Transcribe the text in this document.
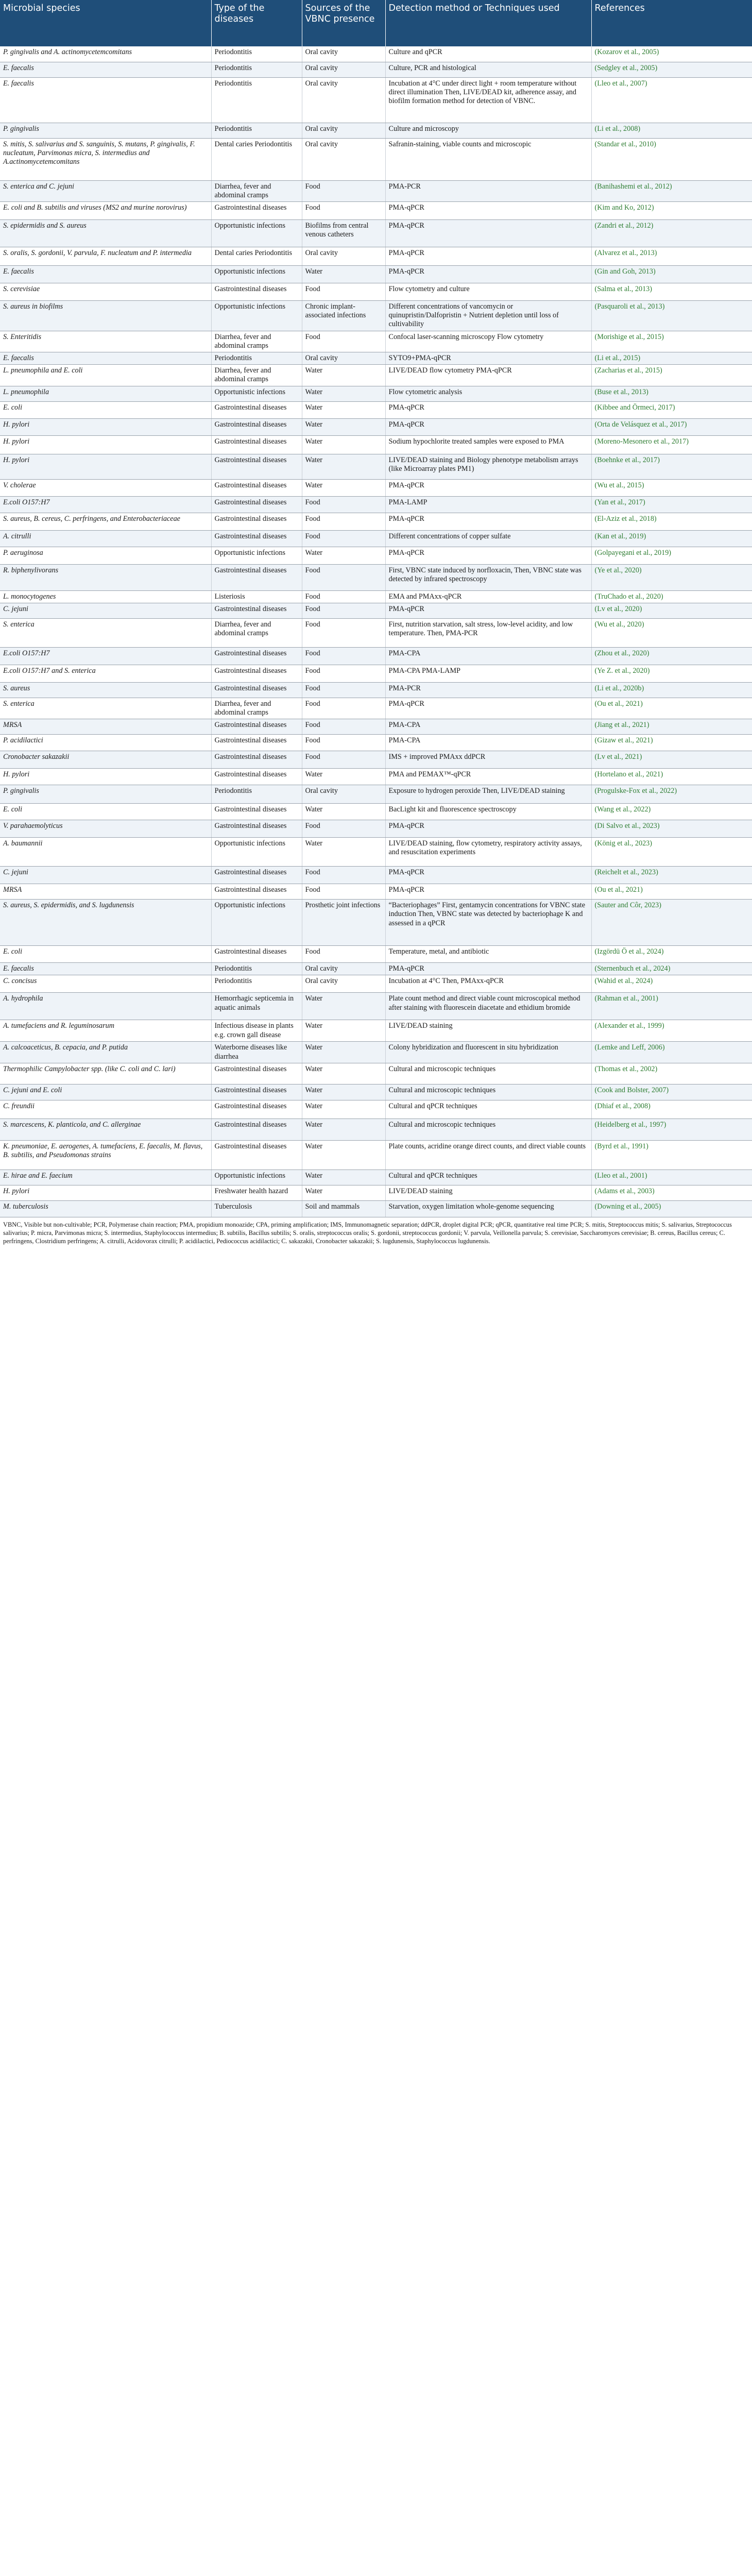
Microbial species	Type of the diseases	Sources of the VBNC presence	Detection method or Techniques used	References
P. gingivalis and A. actinomycetemcomitans	Periodontitis	Oral cavity	Culture and qPCR	(Kozarov et al., 2005)
E. faecalis	Periodontitis	Oral cavity	Culture, PCR and histological	(Sedgley et al., 2005)
E. faecalis	Periodontitis	Oral cavity	Incubation at 4°C under direct light + room temperature without direct illumination Then, LIVE/DEAD kit, adherence assay, and biofilm formation method for detection of VBNC.	(Lleo et al., 2007)
P. gingivalis	Periodontitis	Oral cavity	Culture and microscopy	(Li et al., 2008)
S. mitis, S. salivarius and S. sanguinis, S. mutans, P. gingivalis, F. nucleatum, Parvimonas micra, S. intermedius and A.actinomycetemcomitans	Dental caries Periodontitis	Oral cavity	Safranin-staining, viable counts and microscopic	(Standar et al., 2010)
S. enterica and C. jejuni	Diarrhea, fever and abdominal cramps	Food	PMA-PCR	(Banihashemi et al., 2012)
E. coli and B. subtilis and viruses (MS2 and murine norovirus)	Gastrointestinal diseases	Food	PMA-qPCR	(Kim and Ko, 2012)
S. epidermidis and S. aureus	Opportunistic infections	Biofilms from central venous catheters	PMA-qPCR	(Zandri et al., 2012)
S. oralis, S. gordonii, V. parvula, F. nucleatum and P. intermedia	Dental caries Periodontitis	Oral cavity	PMA-qPCR	(Alvarez et al., 2013)
E. faecalis	Opportunistic infections	Water	PMA-qPCR	(Gin and Goh, 2013)
S. cerevisiae	Gastrointestinal diseases	Food	Flow cytometry and culture	(Salma et al., 2013)
S. aureus in biofilms	Opportunistic infections	Chronic implant-associated infections	Different concentrations of vancomycin or quinupristin/Dalfopristin + Nutrient depletion until loss of cultivability	(Pasquaroli et al., 2013)
S. Enteritidis	Diarrhea, fever and abdominal cramps	Food	Confocal laser-scanning microscopy Flow cytometry	(Morishige et al., 2015)
E. faecalis	Periodontitis	Oral cavity	SYTO9+PMA-qPCR	(Li et al., 2015)
L. pneumophila and E. coli	Diarrhea, fever and abdominal cramps	Water	LIVE/DEAD flow cytometry PMA-qPCR	(Zacharias et al., 2015)
L. pneumophila	Opportunistic infections	Water	Flow cytometric analysis	(Buse et al., 2013)
E. coli	Gastrointestinal diseases	Water	PMA-qPCR	(Kibbee and Örmeci, 2017)
H. pylori	Gastrointestinal diseases	Water	PMA-qPCR	(Orta de Velásquez et al., 2017)
H. pylori	Gastrointestinal diseases	Water	Sodium hypochlorite treated samples were exposed to PMA	(Moreno-Mesonero et al., 2017)
H. pylori	Gastrointestinal diseases	Water	LIVE/DEAD staining and Biology phenotype metabolism arrays (like Microarray plates PM1)	(Boehnke et al., 2017)
V. cholerae	Gastrointestinal diseases	Water	PMA-qPCR	(Wu et al., 2015)
E.coli O157:H7	Gastrointestinal diseases	Food	PMA-LAMP	(Yan et al., 2017)
S. aureus, B. cereus, C. perfringens, and Enterobacteriaceae	Gastrointestinal diseases	Food	PMA-qPCR	(El-Aziz et al., 2018)
A. citrulli	Gastrointestinal diseases	Food	Different concentrations of copper sulfate	(Kan et al., 2019)
P. aeruginosa	Opportunistic infections	Water	PMA-qPCR	(Golpayegani et al., 2019)
R. biphenylivorans	Gastrointestinal diseases	Food	First, VBNC state induced by norfloxacin, Then, VBNC state was detected by infrared spectroscopy	(Ye et al., 2020)
L. monocytogenes	Listeriosis	Food	EMA and PMAxx-qPCR	(TruChado et al., 2020)
C. jejuni	Gastrointestinal diseases	Food	PMA-qPCR	(Lv et al., 2020)
S. enterica	Diarrhea, fever and abdominal cramps	Food	First, nutrition starvation, salt stress, low-level acidity, and low temperature. Then, PMA-PCR	(Wu et al., 2020)
E.coli O157:H7	Gastrointestinal diseases	Food	PMA-CPA	(Zhou et al., 2020)
E.coli O157:H7 and S. enterica	Gastrointestinal diseases	Food	PMA-CPA PMA-LAMP	(Ye Z. et al., 2020)
S. aureus	Gastrointestinal diseases	Food	PMA-PCR	(Li et al., 2020b)
S. enterica	Diarrhea, fever and abdominal cramps	Food	PMA-qPCR	(Ou et al., 2021)
MRSA	Gastrointestinal diseases	Food	PMA-CPA	(Jiang et al., 2021)
P. acidilactici	Gastrointestinal diseases	Food	PMA-CPA	(Gizaw et al., 2021)
Cronobacter sakazakii	Gastrointestinal diseases	Food	IMS + improved PMAxx ddPCR	(Lv et al., 2021)
H. pylori	Gastrointestinal diseases	Water	PMA and PEMAX™-qPCR	(Hortelano et al., 2021)
P. gingivalis	Periodontitis	Oral cavity	Exposure to hydrogen peroxide Then, LIVE/DEAD staining	(Progulske-Fox et al., 2022)
E. coli	Gastrointestinal diseases	Water	BacLight kit and fluorescence spectroscopy	(Wang et al., 2022)
V. parahaemolyticus	Gastrointestinal diseases	Food	PMA-qPCR	(Di Salvo et al., 2023)
A. baumannii	Opportunistic infections	Water	LIVE/DEAD staining, flow cytometry, respiratory activity assays, and resuscitation experiments	(König et al., 2023)
C. jejuni	Gastrointestinal diseases	Food	PMA-qPCR	(Reichelt et al., 2023)
MRSA	Gastrointestinal diseases	Food	PMA-qPCR	(Ou et al., 2021)
S. aureus, S. epidermidis, and S. lugdunensis	Opportunistic infections	Prosthetic joint infections	“Bacteriophages” First, gentamycin concentrations for VBNC state induction Then, VBNC state was detected by bacteriophage K and assessed in a qPCR	(Sauter and Côr, 2023)
E. coli	Gastrointestinal diseases	Food	Temperature, metal, and antibiotic	(Izgördü Ö et al., 2024)
E. faecalis	Periodontitis	Oral cavity	PMA-qPCR	(Sternenbuch et al., 2024)
C. concisus	Periodontitis	Oral cavity	Incubation at 4°C Then, PMAxx-qPCR	(Wahid et al., 2024)
A. hydrophila	Hemorrhagic septicemia in aquatic animals	Water	Plate count method and direct viable count microscopical method after staining with fluorescein diacetate and ethidium bromide	(Rahman et al., 2001)
A. tumefaciens and R. leguminosarum	Infectious disease in plants e.g. crown gall disease	Water	LIVE/DEAD staining	(Alexander et al., 1999)
A. calcoaceticus, B. cepacia, and P. putida	Waterborne diseases like diarrhea	Water	Colony hybridization and fluorescent in situ hybridization	(Lemke and Leff, 2006)
Thermophilic Campylobacter spp. (like C. coli and C. lari)	Gastrointestinal diseases	Water	Cultural and microscopic techniques	(Thomas et al., 2002)
C. jejuni and E. coli	Gastrointestinal diseases	Water	Cultural and microscopic techniques	(Cook and Bolster, 2007)
C. freundii	Gastrointestinal diseases	Water	Cultural and qPCR techniques	(Dhiaf et al., 2008)
S. marcescens, K. planticola, and C. allerginae	Gastrointestinal diseases	Water	Cultural and microscopic techniques	(Heidelberg et al., 1997)
K. pneumoniae, E. aerogenes, A. tumefaciens, E. faecalis, M. flavus, B. subtilis, and Pseudomonas strains	Gastrointestinal diseases	Water	Plate counts, acridine orange direct counts, and direct viable counts	(Byrd et al., 1991)
E. hirae and E. faecium	Opportunistic infections	Water	Cultural and qPCR techniques	(Lleo et al., 2001)
H. pylori	Freshwater health hazard	Water	LIVE/DEAD staining	(Adams et al., 2003)
M. tuberculosis	Tuberculosis	Soil and mammals	Starvation, oxygen limitation whole-genome sequencing	(Downing et al., 2005)
VBNC, Visible but non-cultivable; PCR, Polymerase chain reaction; PMA, propidium monoazide; CPA, priming amplification; IMS, Immunomagnetic separation; ddPCR, droplet digital PCR; qPCR, quantitative real time PCR; S. mitis, Streptococcus mitis; S. salivarius, Streptococcus salivarius; P. micra, Parvimonas micra; S. intermedius, Staphylococcus intermedius; B. subtilis, Bacillus subtilis; S. oralis, streptococcus oralis; S. gordonii, streptococcus gordonii; V. parvula, Veillonella parvula; S. cerevisiae, Saccharomyces cerevisiae; B. cereus, Bacillus cereus; C. perfringens, Clostridium perfringens; A. citrulli, Acidovorax citrulli; P. acidilactici, Pediococcus acidilactici; C. sakazakii, Cronobacter sakazakii; S. lugdunensis, Staphylococcus lugdunensis.
